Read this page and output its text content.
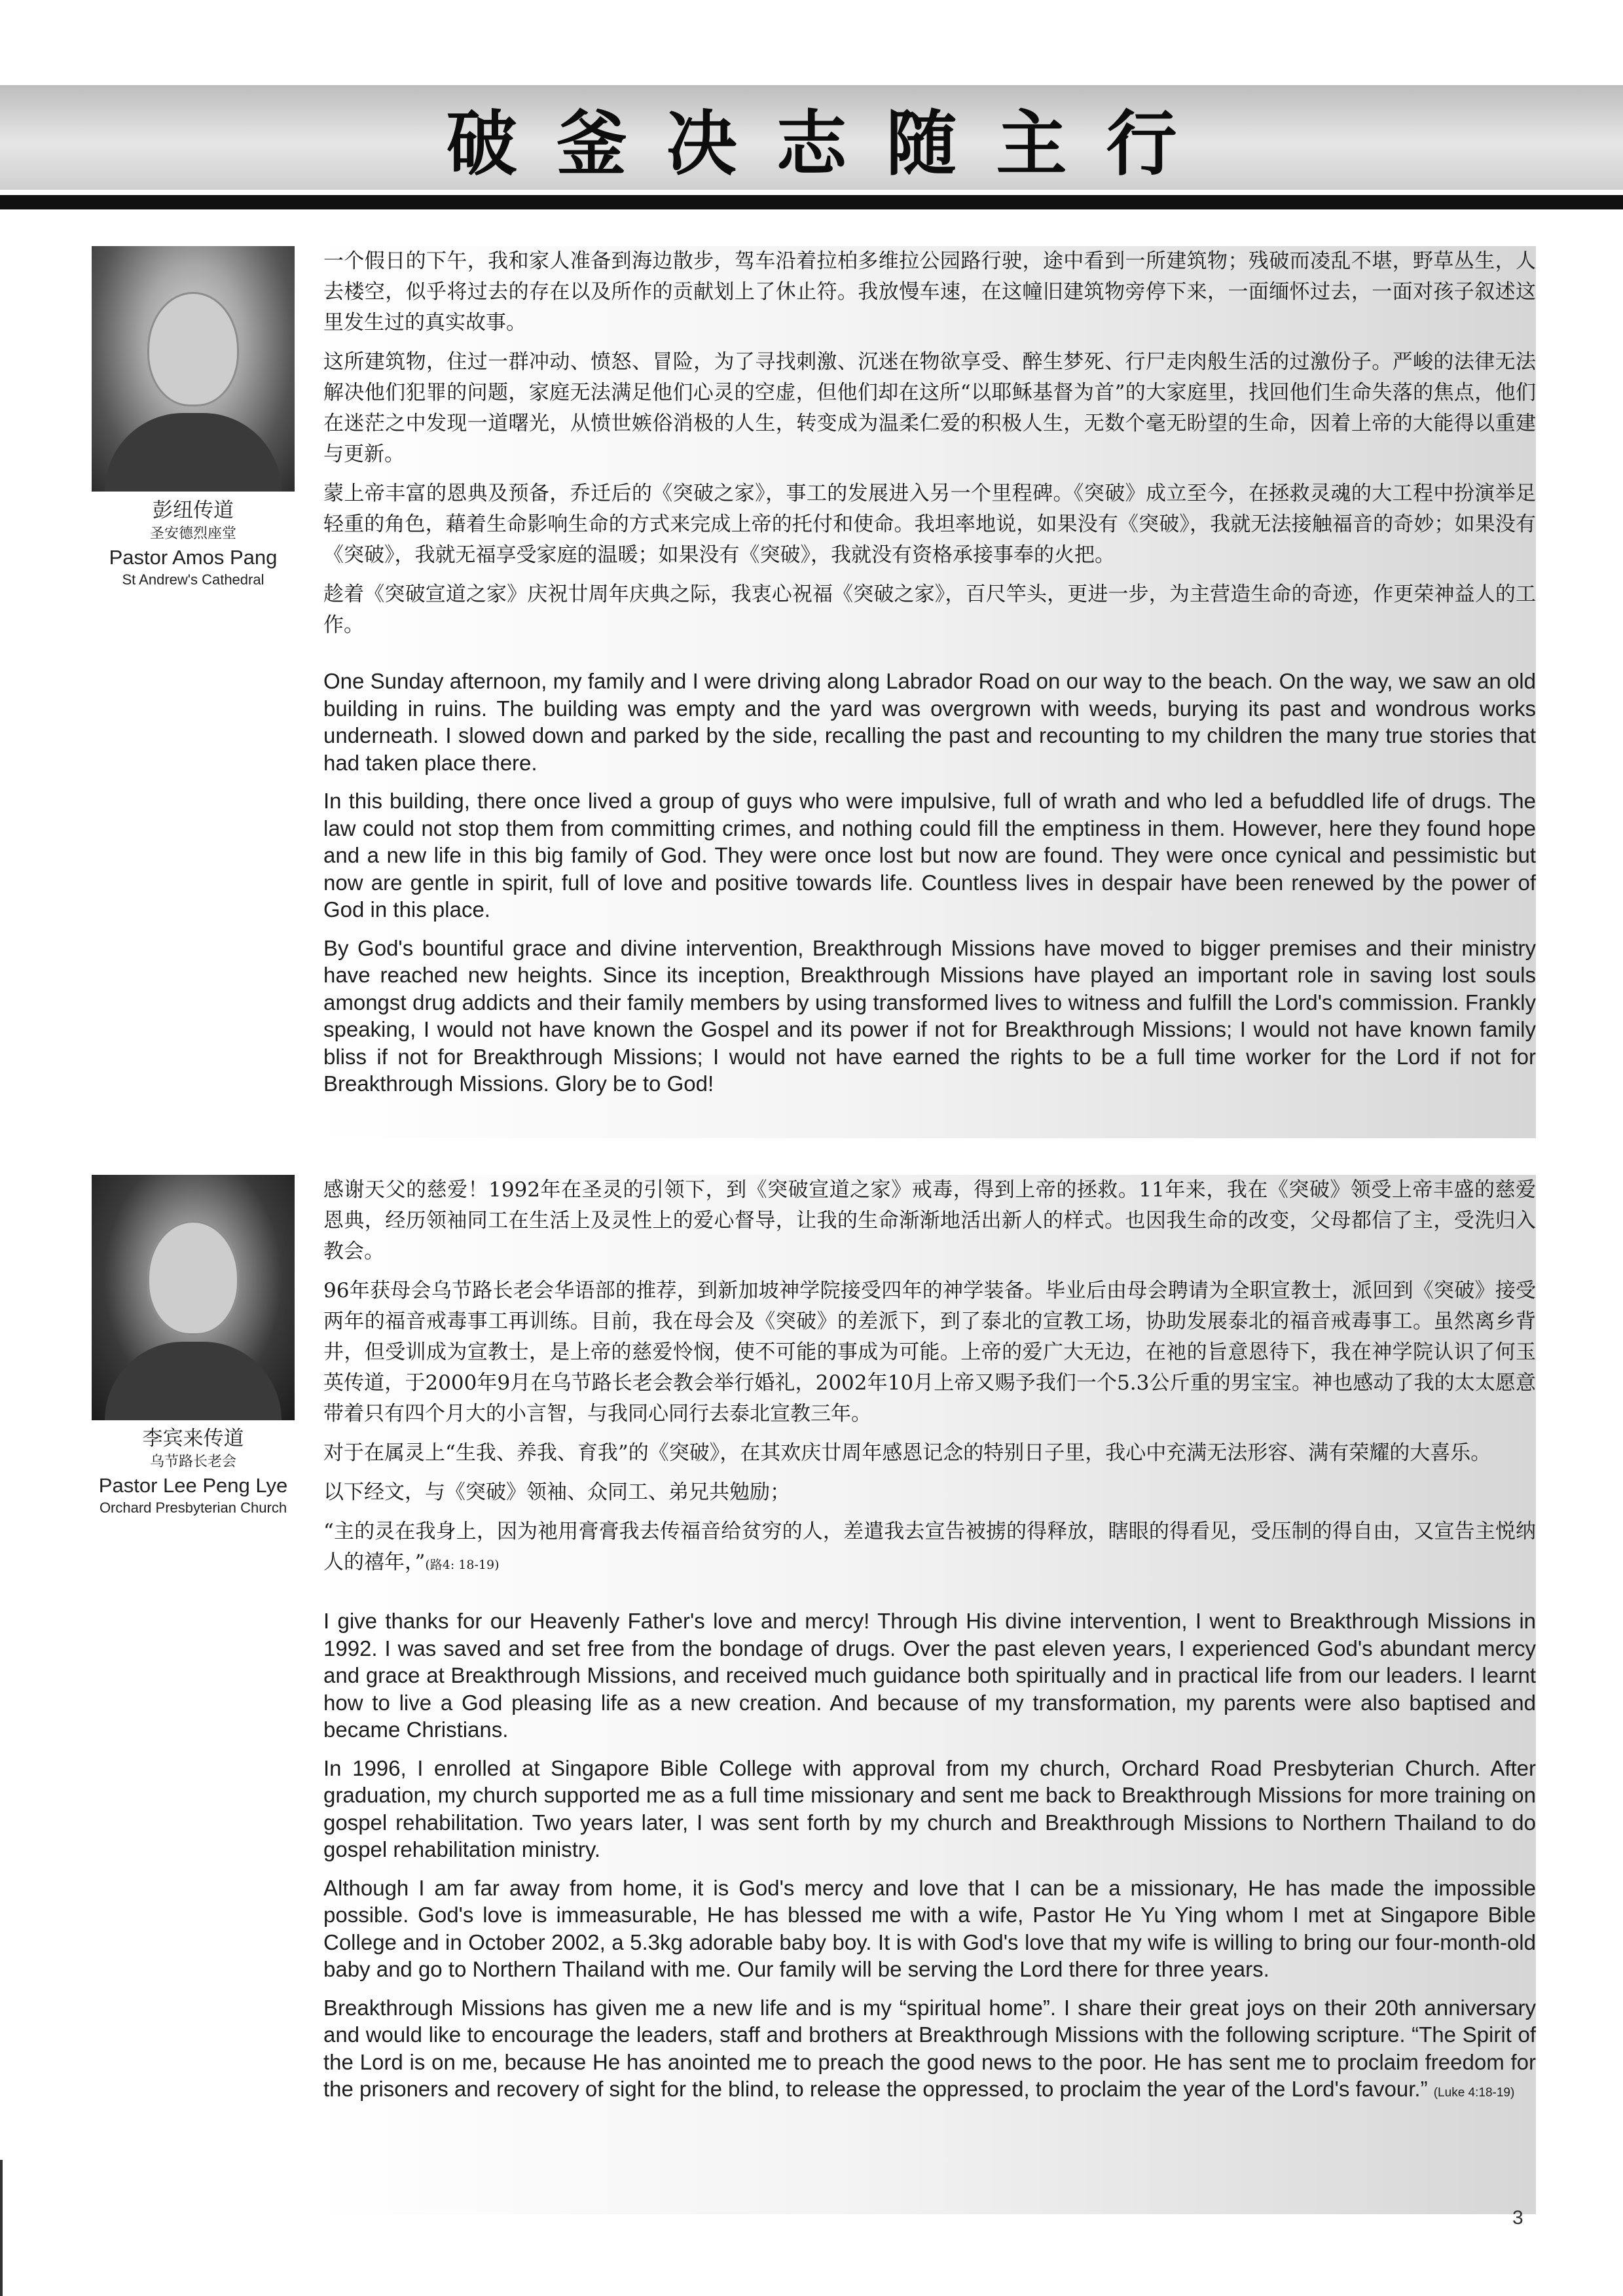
破釜决志随主行
彭纽传道
圣安德烈座堂
Pastor Amos Pang
St Andrew's Cathedral

一个假日的下午，我和家人准备到海边散步，驾车沿着拉柏多维拉公园路行驶，途中看到一所建筑物；残破而凌乱不堪，野草丛生，人去楼空，似乎将过去的存在以及所作的贡献划上了休止符。我放慢车速，在这幢旧建筑物旁停下来，一面缅怀过去，一面对孩子叙述这里发生过的真实故事。

这所建筑物，住过一群冲动、愤怒、冒险，为了寻找刺激、沉迷在物欲享受、醉生梦死、行尸走肉般生活的过激份子。严峻的法律无法解决他们犯罪的问题，家庭无法满足他们心灵的空虚，但他们却在这所“以耶稣基督为首”的大家庭里，找回他们生命失落的焦点，他们在迷茫之中发现一道曙光，从愤世嫉俗消极的人生，转变成为温柔仁爱的积极人生，无数个毫无盼望的生命，因着上帝的大能得以重建与更新。

蒙上帝丰富的恩典及预备，乔迁后的《突破之家》，事工的发展进入另一个里程碑。《突破》成立至今，在拯救灵魂的大工程中扮演举足轻重的角色，藉着生命影响生命的方式来完成上帝的托付和使命。我坦率地说，如果没有《突破》，我就无法接触福音的奇妙；如果没有《突破》，我就无福享受家庭的温暖；如果没有《突破》，我就没有资格承接事奉的火把。

趁着《突破宣道之家》庆祝廿周年庆典之际，我衷心祝福《突破之家》，百尺竿头，更进一步，为主营造生命的奇迹，作更荣神益人的工作。

One Sunday afternoon, my family and I were driving along Labrador Road on our way to the beach. On the way, we saw an old building in ruins. The building was empty and the yard was overgrown with weeds, burying its past and wondrous works underneath. I slowed down and parked by the side, recalling the past and recounting to my children the many true stories that had taken place there.

In this building, there once lived a group of guys who were impulsive, full of wrath and who led a befuddled life of drugs. The law could not stop them from committing crimes, and nothing could fill the emptiness in them. However, here they found hope and a new life in this big family of God. They were once lost but now are found. They were once cynical and pessimistic but now are gentle in spirit, full of love and positive towards life. Countless lives in despair have been renewed by the power of God in this place.

By God's bountiful grace and divine intervention, Breakthrough Missions have moved to bigger premises and their ministry have reached new heights. Since its inception, Breakthrough Missions have played an important role in saving lost souls amongst drug addicts and their family members by using transformed lives to witness and fulfill the Lord's commission. Frankly speaking, I would not have known the Gospel and its power if not for Breakthrough Missions; I would not have known family bliss if not for Breakthrough Missions; I would not have earned the rights to be a full time worker for the Lord if not for Breakthrough Missions. Glory be to God!

李宾来传道
乌节路长老会
Pastor Lee Peng Lye
Orchard Presbyterian Church

感谢天父的慈爱！1992年在圣灵的引领下，到《突破宣道之家》戒毒，得到上帝的拯救。11年来，我在《突破》领受上帝丰盛的慈爱恩典，经历领袖同工在生活上及灵性上的爱心督导，让我的生命渐渐地活出新人的样式。也因我生命的改变，父母都信了主，受洗归入教会。

96年获母会乌节路长老会华语部的推荐，到新加坡神学院接受四年的神学装备。毕业后由母会聘请为全职宣教士，派回到《突破》接受两年的福音戒毒事工再训练。目前，我在母会及《突破》的差派下，到了泰北的宣教工场，协助发展泰北的福音戒毒事工。虽然离乡背井，但受训成为宣教士，是上帝的慈爱怜悯，使不可能的事成为可能。上帝的爱广大无边，在祂的旨意恩待下，我在神学院认识了何玉英传道，于2000年9月在乌节路长老会教会举行婚礼，2002年10月上帝又赐予我们一个5.3公斤重的男宝宝。神也感动了我的太太愿意带着只有四个月大的小言智，与我同心同行去泰北宣教三年。

对于在属灵上“生我、养我、育我”的《突破》，在其欢庆廿周年感恩记念的特别日子里，我心中充满无法形容、满有荣耀的大喜乐。

以下经文，与《突破》领袖、众同工、弟兄共勉励；

“主的灵在我身上，因为祂用膏膏我去传福音给贫穷的人，差遣我去宣告被掳的得释放，瞎眼的得看见，受压制的得自由，又宣告主悦纳人的禧年，”(路4: 18-19)

I give thanks for our Heavenly Father's love and mercy! Through His divine intervention, I went to Breakthrough Missions in 1992. I was saved and set free from the bondage of drugs. Over the past eleven years, I experienced God's abundant mercy and grace at Breakthrough Missions, and received much guidance both spiritually and in practical life from our leaders. I learnt how to live a God pleasing life as a new creation. And because of my transformation, my parents were also baptised and became Christians.

In 1996, I enrolled at Singapore Bible College with approval from my church, Orchard Road Presbyterian Church. After graduation, my church supported me as a full time missionary and sent me back to Breakthrough Missions for more training on gospel rehabilitation. Two years later, I was sent forth by my church and Breakthrough Missions to Northern Thailand to do gospel rehabilitation ministry.

Although I am far away from home, it is God's mercy and love that I can be a missionary, He has made the impossible possible. God's love is immeasurable, He has blessed me with a wife, Pastor He Yu Ying whom I met at Singapore Bible College and in October 2002, a 5.3kg adorable baby boy. It is with God's love that my wife is willing to bring our four-month-old baby and go to Northern Thailand with me. Our family will be serving the Lord there for three years.

Breakthrough Missions has given me a new life and is my “spiritual home”. I share their great joys on their 20th anniversary and would like to encourage the leaders, staff and brothers at Breakthrough Missions with the following scripture. “The Spirit of the Lord is on me, because He has anointed me to preach the good news to the poor. He has sent me to proclaim freedom for the prisoners and recovery of sight for the blind, to release the oppressed, to proclaim the year of the Lord's favour.” (Luke 4:18-19)

3
